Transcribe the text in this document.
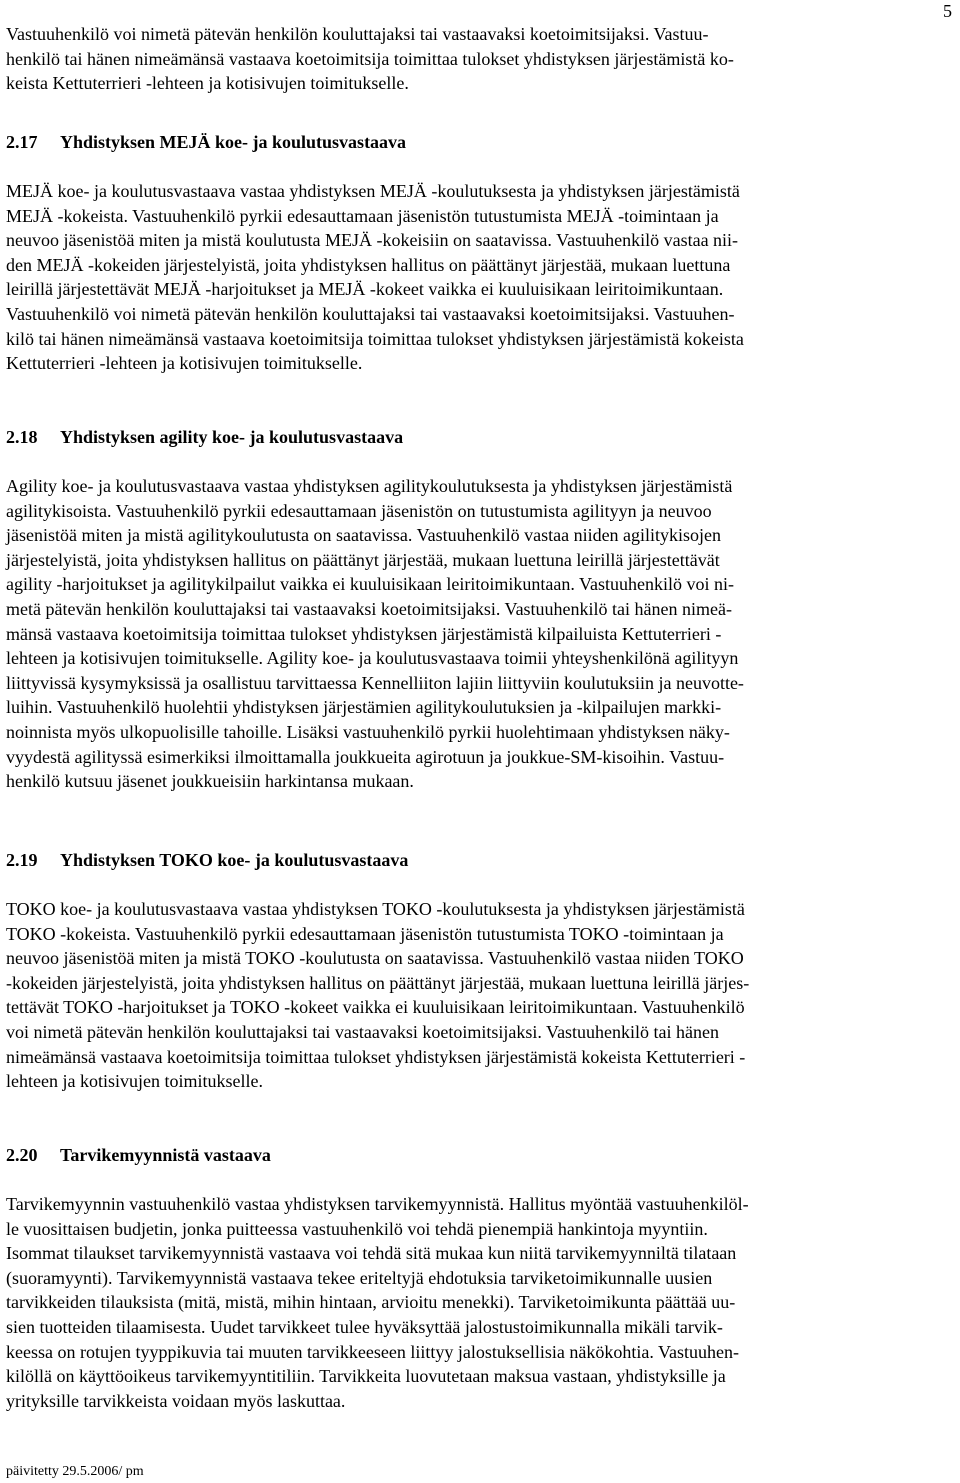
5

Vastuuhenkilö voi nimetä pätevän henkilön kouluttajaksi tai vastaavaksi koetoimitsijaksi. Vastuu-
henkilö tai hänen nimeämänsä vastaava koetoimitsija toimittaa tulokset yhdistyksen järjestämistä ko-
keista Kettuterrieri -lehteen ja kotisivujen toimitukselle.

2.17 Yhdistyksen MEJÄ koe- ja koulutusvastaava

MEJÄ koe- ja koulutusvastaava vastaa yhdistyksen MEJÄ -koulutuksesta ja yhdistyksen järjestämistä
MEJÄ -kokeista. Vastuuhenkilö pyrkii edesauttamaan jäsenistön tutustumista MEJÄ -toimintaan ja
neuvoo jäsenistöä miten ja mistä koulutusta MEJÄ -kokeisiin on saatavissa. Vastuuhenkilö vastaa nii-
den MEJÄ -kokeiden järjestelyistä, joita yhdistyksen hallitus on päättänyt järjestää, mukaan luettuna
leirillä järjestettävät MEJÄ -harjoitukset ja MEJÄ -kokeet vaikka ei kuuluisikaan leiritoimikuntaan.
Vastuuhenkilö voi nimetä pätevän henkilön kouluttajaksi tai vastaavaksi koetoimitsijaksi. Vastuuhen-
kilö tai hänen nimeämänsä vastaava koetoimitsija toimittaa tulokset yhdistyksen järjestämistä kokeista
Kettuterrieri -lehteen ja kotisivujen toimitukselle.

2.18 Yhdistyksen agility koe- ja koulutusvastaava

Agility koe- ja koulutusvastaava vastaa yhdistyksen agilitykoulutuksesta ja yhdistyksen järjestämistä
agilitykisoista. Vastuuhenkilö pyrkii edesauttamaan jäsenistön on tutustumista agilityyn ja neuvoo
jäsenistöä miten ja mistä agilitykoulutusta on saatavissa. Vastuuhenkilö vastaa niiden agilitykisojen
järjestelyistä, joita yhdistyksen hallitus on päättänyt järjestää, mukaan luettuna leirillä järjestettävät
agility -harjoitukset ja agilitykilpailut vaikka ei kuuluisikaan leiritoimikuntaan. Vastuuhenkilö voi ni-
metä pätevän henkilön kouluttajaksi tai vastaavaksi koetoimitsijaksi. Vastuuhenkilö tai hänen nimeä-
mänsä vastaava koetoimitsija toimittaa tulokset yhdistyksen järjestämistä kilpailuista Kettuterrieri -
lehteen ja kotisivujen toimitukselle. Agility koe- ja koulutusvastaava toimii yhteyshenkilönä agilityyn
liittyvissä kysymyksissä ja osallistuu tarvittaessa Kennelliiton lajiin liittyviin koulutuksiin ja neuvotte-
luihin. Vastuuhenkilö huolehtii yhdistyksen järjestämien agilitykoulutuksien ja -kilpailujen markki-
noinnista myös ulkopuolisille tahoille. Lisäksi vastuuhenkilö pyrkii huolehtimaan yhdistyksen näky-
vyydestä agilityssä esimerkiksi ilmoittamalla joukkueita agirotuun ja joukkue-SM-kisoihin. Vastuu-
henkilö kutsuu jäsenet joukkueisiin harkintansa mukaan.

2.19 Yhdistyksen TOKO koe- ja koulutusvastaava

TOKO koe- ja koulutusvastaava vastaa yhdistyksen TOKO -koulutuksesta ja yhdistyksen järjestämistä
TOKO -kokeista. Vastuuhenkilö pyrkii edesauttamaan jäsenistön tutustumista TOKO -toimintaan ja
neuvoo jäsenistöä miten ja mistä TOKO -koulutusta on saatavissa. Vastuuhenkilö vastaa niiden TOKO
-kokeiden järjestelyistä, joita yhdistyksen hallitus on päättänyt järjestää, mukaan luettuna leirillä järjes-
tettävät TOKO -harjoitukset ja TOKO -kokeet vaikka ei kuuluisikaan leiritoimikuntaan. Vastuuhenkilö
voi nimetä pätevän henkilön kouluttajaksi tai vastaavaksi koetoimitsijaksi. Vastuuhenkilö tai hänen
nimeämänsä vastaava koetoimitsija toimittaa tulokset yhdistyksen järjestämistä kokeista Kettuterrieri -
lehteen ja kotisivujen toimitukselle.

2.20 Tarvikemyynnistä vastaava

Tarvikemyynnin vastuuhenkilö vastaa yhdistyksen tarvikemyynnistä. Hallitus myöntää vastuuhenkilöl-
le vuosittaisen budjetin, jonka puitteessa vastuuhenkilö voi tehdä pienempiä hankintoja myyntiin.
Isommat tilaukset tarvikemyynnistä vastaava voi tehdä sitä mukaa kun niitä tarvikemyynniltä tilataan
(suoramyynti). Tarvikemyynnistä vastaava tekee eriteltyjä ehdotuksia tarviketoimikunnalle uusien
tarvikkeiden tilauksista (mitä, mistä, mihin hintaan, arvioitu menekki). Tarviketoimikunta päättää uu-
sien tuotteiden tilaamisesta. Uudet tarvikkeet tulee hyväksyttää jalostustoimikunnalla mikäli tarvik-
keessa on rotujen tyyppikuvia tai muuten tarvikkeeseen liittyy jalostuksellisia näkökohtia. Vastuuhen-
kilöllä on käyttöoikeus tarvikemyyntitiliin. Tarvikkeita luovutetaan maksua vastaan, yhdistyksille ja
yrityksille tarvikkeista voidaan myös laskuttaa.

päivitetty 29.5.2006/ pm
